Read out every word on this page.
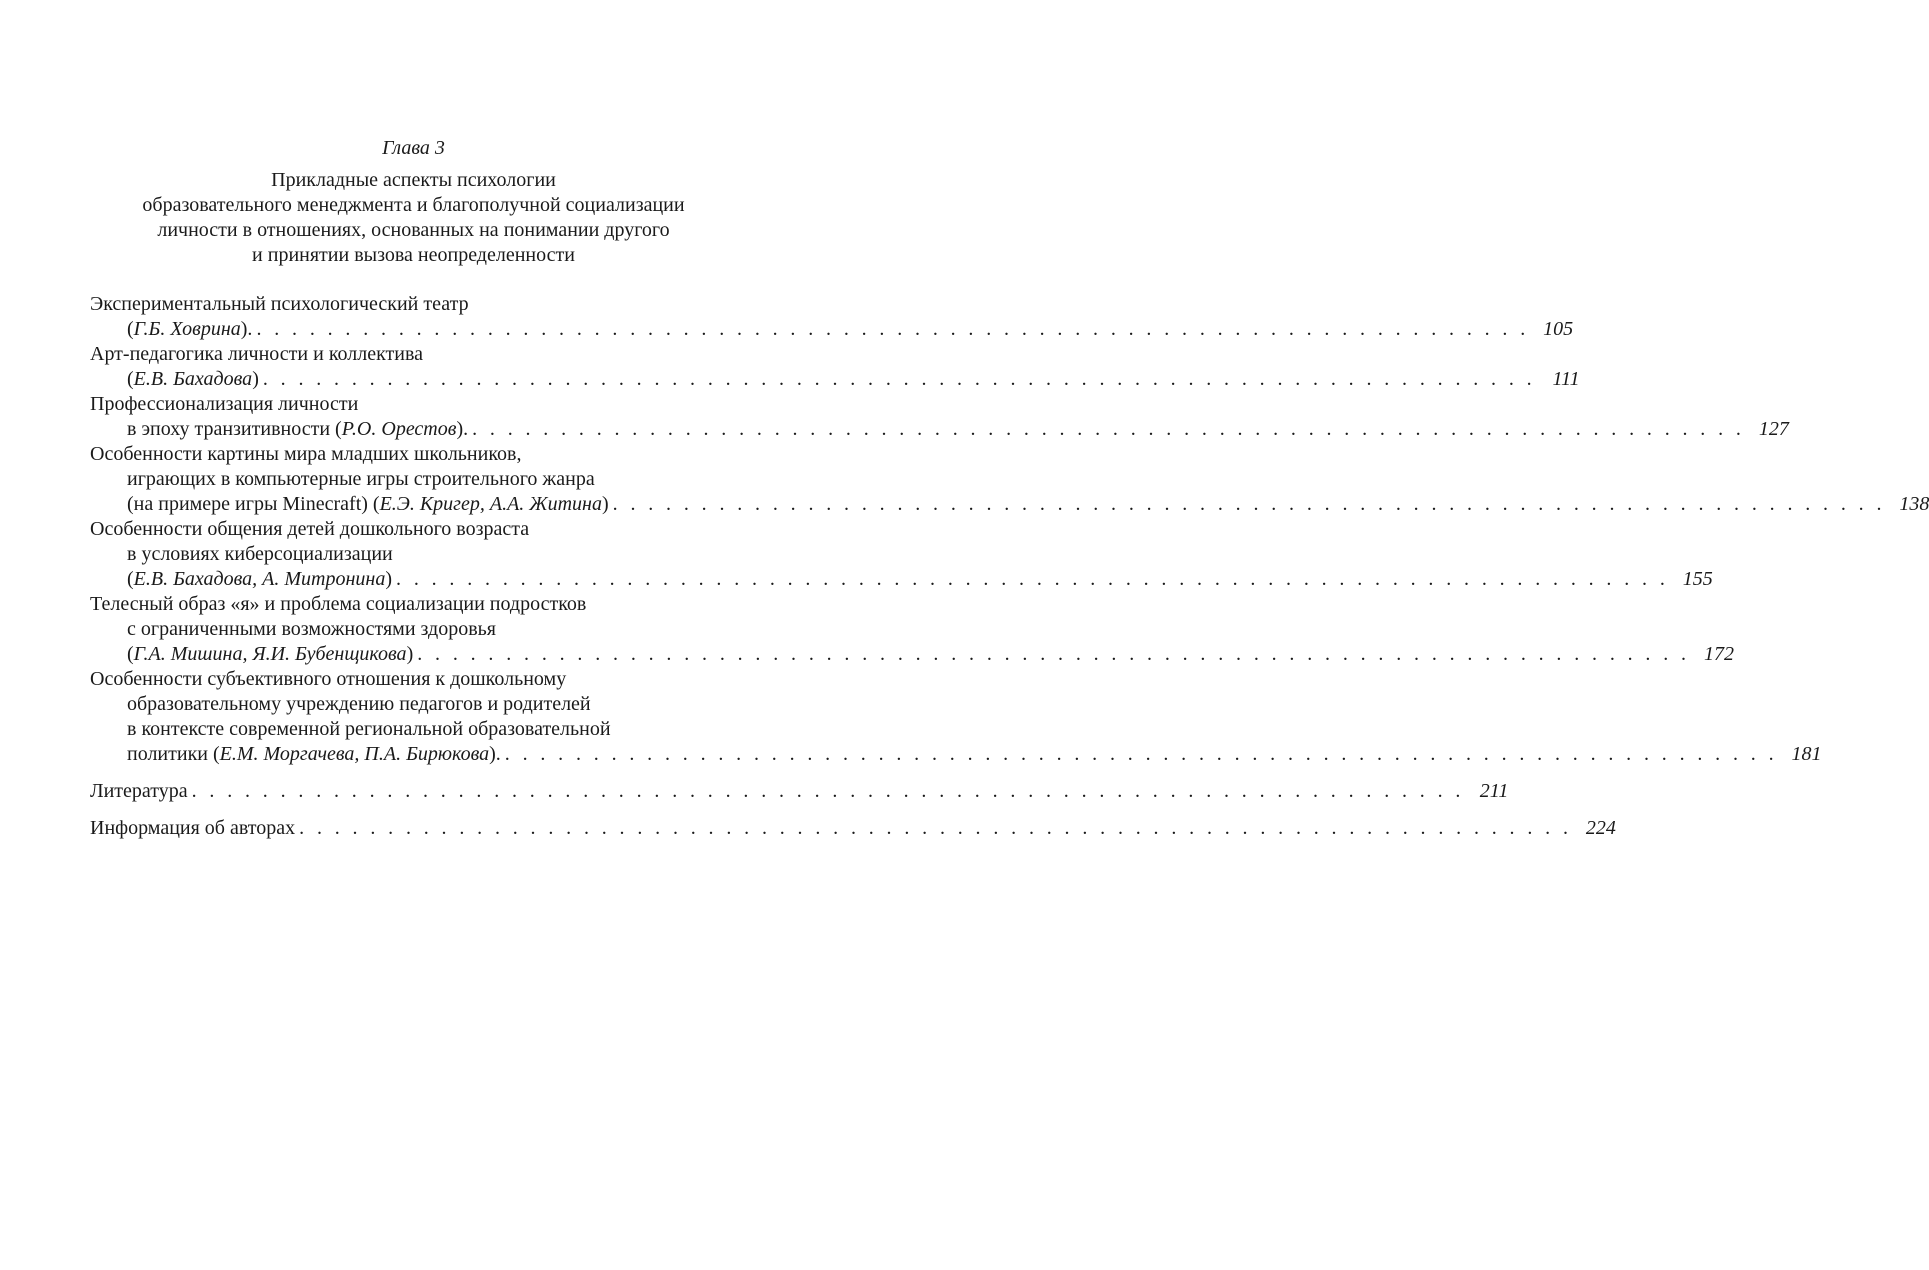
Глава 3
Прикладные аспекты психологии
образовательного менеджмента и благополучной социализации
личности в отношениях, основанных на понимании другого
и принятии вызова неопределенности
Экспериментальный психологический театр
(Г.Б. Ховрина). . . . . . . . . . . . . . . . . . . . . . . . . . . . . . . . . . . . . . . . . . . . . . . . . . . . . . . . . . . . . . . . . . . . . . . . . 105
Арт-педагогика личности и коллектива
(Е.В. Бахадова) . . . . . . . . . . . . . . . . . . . . . . . . . . . . . . . . . . . . . . . . . . . . . . . . . . . . . . . . . . . . . . . . . . . . . . . . 111
Профессионализация личности
в эпоху транзитивности (Р.О. Орестов). . . . . . . . . . . . . . . . . . . . . . . . . . . . . . . . . . . . . . . . . . . . . . . . . . . . . . . . . . . . . . . . . . . . . . . . . 127
Особенности картины мира младших школьников,
играющих в компьютерные игры строительного жанра
(на примере игры Minecraft) (Е.Э. Кригер, А.А. Житина) . . . . . . . . . . . . . . . . . . . . . . . . . . . . . . . . . . . . . . . . . . . . . . . . . . . . . . . . . . . . . . . . . . . . . . . . 138
Особенности общения детей дошкольного возраста
в условиях киберсоциализации
(Е.В. Бахадова, А. Митронина) . . . . . . . . . . . . . . . . . . . . . . . . . . . . . . . . . . . . . . . . . . . . . . . . . . . . . . . . . . . . . . . . . . . . . . . . 155
Телесный образ «я» и проблема социализации подростков
с ограниченными возможностями здоровья
(Г.А. Мишина, Я.И. Бубенщикова) . . . . . . . . . . . . . . . . . . . . . . . . . . . . . . . . . . . . . . . . . . . . . . . . . . . . . . . . . . . . . . . . . . . . . . . . 172
Особенности субъективного отношения к дошкольному
образовательному учреждению педагогов и родителей
в контексте современной региональной образовательной
политики (Е.М. Моргачева, П.А. Бирюкова). . . . . . . . . . . . . . . . . . . . . . . . . . . . . . . . . . . . . . . . . . . . . . . . . . . . . . . . . . . . . . . . . . . . . . . . . 181
Литература . . . . . . . . . . . . . . . . . . . . . . . . . . . . . . . . . . . . . . . . . . . . . . . . . . . . . . . . . . . . . . . . . . . . . . . . 211
Информация об авторах . . . . . . . . . . . . . . . . . . . . . . . . . . . . . . . . . . . . . . . . . . . . . . . . . . . . . . . . . . . . . . . . . . . . . . . . 224
